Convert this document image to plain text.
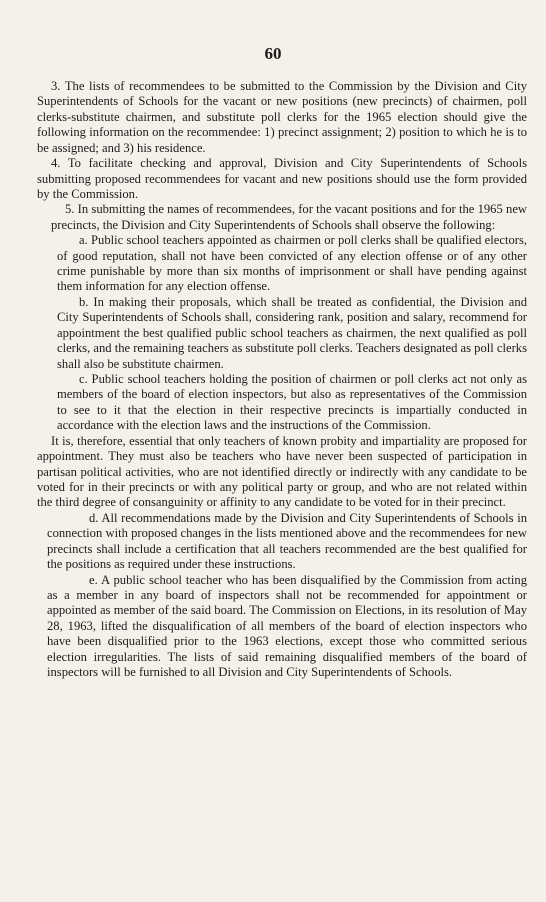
60

3. The lists of recommendees to be submitted to the Commission by the Division and City Superintendents of Schools for the vacant or new positions (new precincts) of chairmen, poll clerks-substitute chairmen, and substitute poll clerks for the 1965 election should give the following information on the recommendee: 1) precinct assignment; 2) position to which he is to be assigned; and 3) his residence.

4. To facilitate checking and approval, Division and City Superintendents of Schools submitting proposed recommendees for vacant and new positions should use the form provided by the Commission.

5. In submitting the names of recommendees, for the vacant positions and for the 1965 new precincts, the Division and City Superintendents of Schools shall observe the following:

a. Public school teachers appointed as chairmen or poll clerks shall be qualified electors, of good reputation, shall not have been convicted of any election offense or of any other crime punishable by more than six months of imprisonment or shall have pending against them information for any election offense.

b. In making their proposals, which shall be treated as confidential, the Division and City Superintendents of Schools shall, considering rank, position and salary, recommend for appointment the best qualified public school teachers as chairmen, the next qualified as poll clerks, and the remaining teachers as substitute poll clerks. Teachers designated as poll clerks shall also be substitute chairmen.

c. Public school teachers holding the position of chairmen or poll clerks act not only as members of the board of election inspectors, but also as representatives of the Commission to see to it that the election in their respective precincts is impartially conducted in accordance with the election laws and the instructions of the Commission.

It is, therefore, essential that only teachers of known probity and impartiality are proposed for appointment. They must also be teachers who have never been suspected of participation in partisan political activities, who are not identified directly or indirectly with any candidate to be voted for in their precincts or with any political party or group, and who are not related within the third degree of consanguinity or affinity to any candidate to be voted for in their precinct.

d. All recommendations made by the Division and City Superintendents of Schools in connection with proposed changes in the lists mentioned above and the recommendees for new precincts shall include a certification that all teachers recommended are the best qualified for the positions as required under these instructions.

e. A public school teacher who has been disqualified by the Commission from acting as a member in any board of inspectors shall not be recommended for appointment or appointed as member of the said board. The Commission on Elections, in its resolution of May 28, 1963, lifted the disqualification of all members of the board of election inspectors who have been disqualified prior to the 1963 elections, except those who committed serious election irregularities. The lists of said remaining disqualified members of the board of inspectors will be furnished to all Division and City Superintendents of Schools.
